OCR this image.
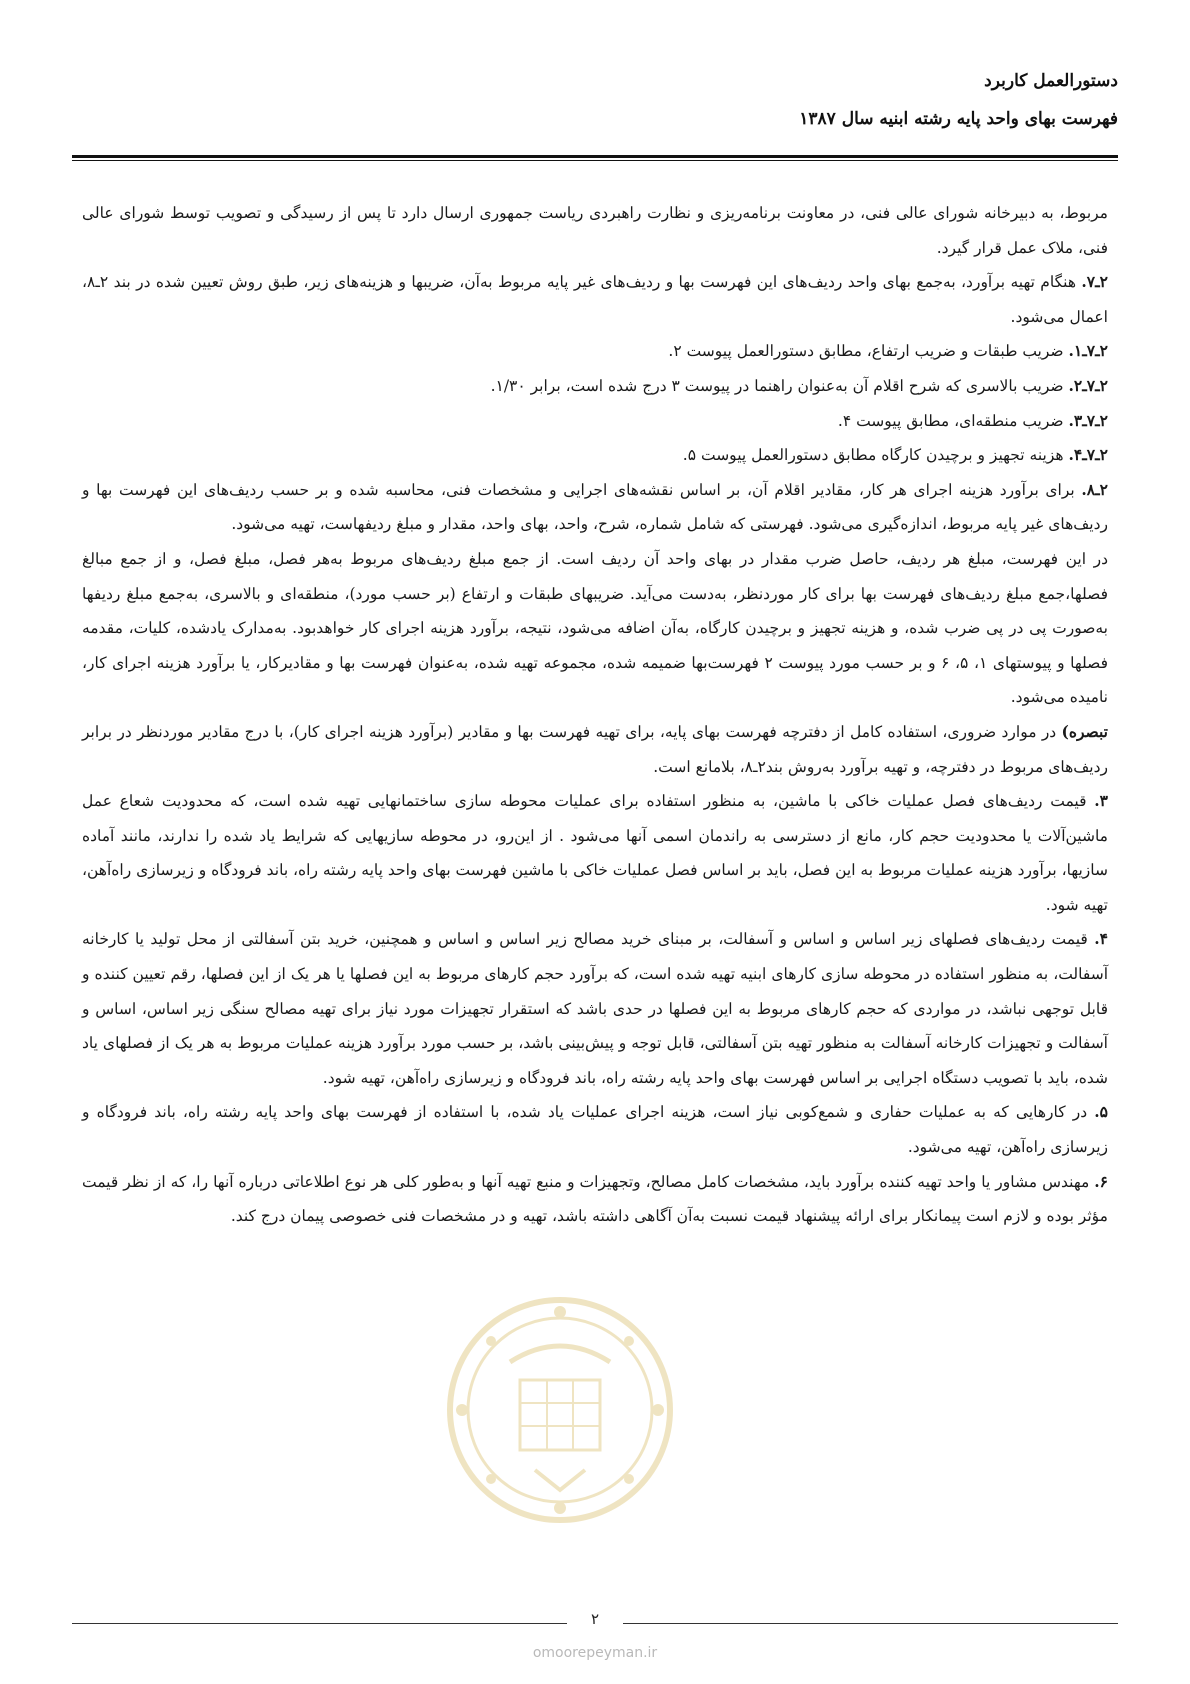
دستورالعمل کاربرد
فهرست بهای واحد پایه رشته ابنیه سال ۱۳۸۷

مربوط، به دبیرخانه شورای عالی فنی، در معاونت برنامه‌ریزی و نظارت راهبردی ریاست جمهوری ارسال دارد تا پس از رسیدگی و تصویب توسط شورای عالی فنی، ملاک عمل قرار گیرد.

۲ـ۷. هنگام تهیه برآورد، به‌جمع بهای واحد ردیف‌های این فهرست بها و ردیف‌های غیر پایه مربوط به‌آن، ضریبها و هزینه‌های زیر، طبق روش تعیین شده در بند ۲ـ۸، اعمال می‌شود.

۲ـ۷ـ۱. ضریب طبقات و ضریب ارتفاع، مطابق دستورالعمل پیوست ۲.

۲ـ۷ـ۲. ضریب بالاسری که شرح اقلام آن به‌عنوان راهنما در پیوست ۳ درج شده است، برابر ۱/۳۰.

۲ـ۷ـ۳. ضریب منطقه‌ای، مطابق پیوست ۴.

۲ـ۷ـ۴. هزینه تجهیز و برچیدن کارگاه مطابق دستورالعمل پیوست ۵.

۲ـ۸. برای برآورد هزینه اجرای هر کار، مقادیر اقلام آن، بر اساس نقشه‌های اجرایی و مشخصات فنی، محاسبه شده و بر حسب ردیف‌های این فهرست بها و ردیف‌های غیر پایه مربوط، اندازه‌گیری می‌شود. فهرستی که شامل شماره، شرح، واحد، بهای واحد، مقدار و مبلغ ردیفهاست، تهیه می‌شود.

در این فهرست، مبلغ هر ردیف، حاصل ضرب مقدار در بهای واحد آن ردیف است. از جمع مبلغ ردیف‌های مربوط به‌هر فصل، مبلغ فصل، و از جمع مبالغ فصلها،جمع مبلغ ردیف‌های فهرست بها برای کار موردنظر، به‌دست می‌آید. ضریبهای طبقات و ارتفاع (بر حسب مورد)، منطقه‌ای و بالاسری، به‌جمع مبلغ ردیفها به‌صورت پی در پی ضرب شده، و هزینه تجهیز و برچیدن کارگاه، به‌آن اضافه می‌شود، نتیجه، برآورد هزینه اجرای کار خواهدبود. به‌مدارک یادشده، کلیات، مقدمه فصلها و پیوستهای ۱، ۵، ۶ و بر حسب مورد پیوست ۲ فهرست‌بها ضمیمه شده، مجموعه تهیه شده، به‌عنوان فهرست بها و مقادیرکار، یا برآورد هزینه اجرای کار، نامیده می‌شود.

تبصره) در موارد ضروری، استفاده کامل از دفترچه فهرست بهای پایه، برای تهیه فهرست بها و مقادیر (برآورد هزینه اجرای کار)، با درج مقادیر موردنظر در برابر ردیف‌های مربوط در دفترچه، و تهیه برآورد به‌روش بند۲ـ۸، بلامانع است.

۳. قیمت ردیف‌های فصل عملیات خاکی با ماشین، به منظور استفاده برای عملیات محوطه سازی ساختمانهایی تهیه شده است، که محدودیت شعاع عمل ماشین‌آلات یا محدودیت حجم کار، مانع از دسترسی به راندمان اسمی آنها می‌شود . از این‌رو، در محوطه سازیهایی که شرایط یاد شده را ندارند، مانند آماده سازیها، برآورد هزینه عملیات مربوط به این فصل، باید بر اساس فصل عملیات خاکی با ماشین فهرست بهای واحد پایه رشته راه، باند فرودگاه و زیرسازی راه‌آهن، تهیه شود.

۴. قیمت ردیف‌های فصلهای زیر اساس و اساس و آسفالت، بر مبنای خرید مصالح زیر اساس و اساس و همچنین، خرید بتن آسفالتی از محل تولید یا کارخانه آسفالت، به منظور استفاده در محوطه سازی کارهای ابنیه تهیه شده است، که برآورد حجم کارهای مربوط به این فصلها یا هر یک از این فصلها، رقم تعیین کننده و قابل توجهی نباشد، در مواردی که حجم کارهای مربوط به این فصلها در حدی باشد که استقرار تجهیزات مورد نیاز برای تهیه مصالح سنگی زیر اساس، اساس و آسفالت و تجهیزات کارخانه آسفالت به منظور تهیه بتن آسفالتی، قابل توجه و پیش‌بینی باشد، بر حسب مورد برآورد هزینه عملیات مربوط به هر یک از فصلهای یاد شده، باید با تصویب دستگاه اجرایی بر اساس فهرست بهای واحد پایه رشته راه، باند فرودگاه و زیرسازی راه‌آهن، تهیه شود.

۵. در کارهایی که به عملیات حفاری و شمع‌کوبی نیاز است، هزینه اجرای عملیات یاد شده، با استفاده از فهرست بهای واحد پایه رشته راه، باند فرودگاه و زیرسازی راه‌آهن، تهیه می‌شود.

۶. مهندس مشاور یا واحد تهیه کننده برآورد باید، مشخصات کامل مصالح، وتجهیزات و منبع تهیه آنها و به‌طور کلی هر نوع اطلاعاتی درباره آنها را، که از نظر قیمت مؤثر بوده و لازم است پیمانکار برای ارائه پیشنهاد قیمت نسبت به‌آن آگاهی داشته باشد، تهیه و در مشخصات فنی خصوصی پیمان درج کند.

۲
omoorepeyman.ir
